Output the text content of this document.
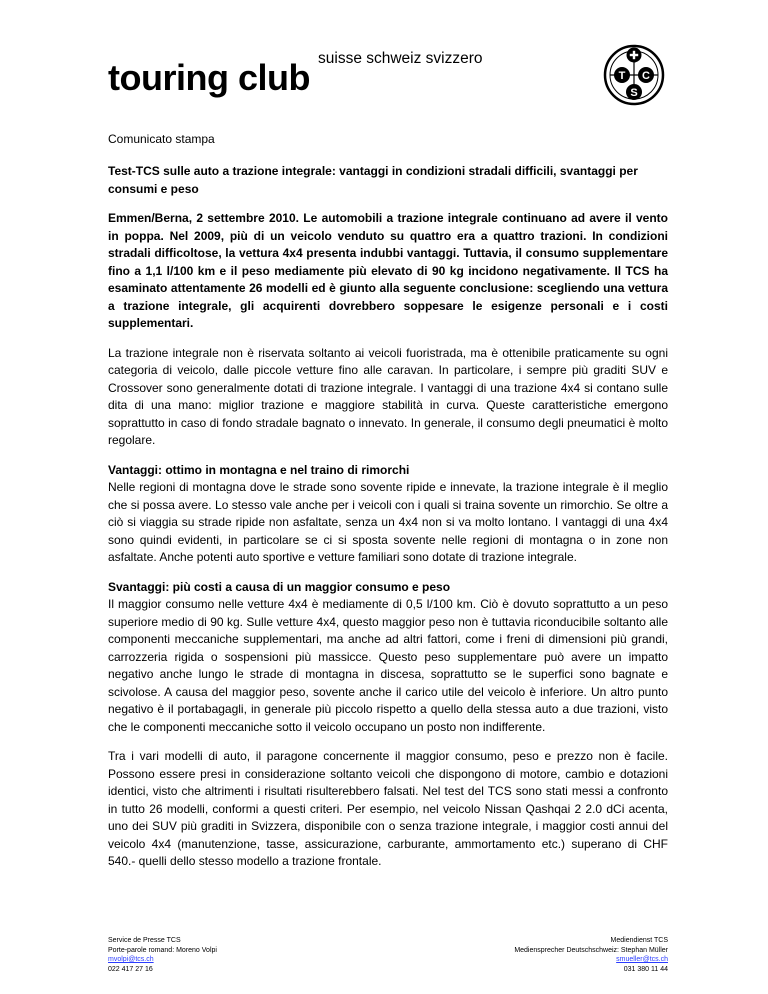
touring club suisse schweiz svizzero
T C
S
Comunicato stampa
Test-TCS sulle auto a trazione integrale: vantaggi in condizioni stradali difficili, svantaggi per consumi e peso

Emmen/Berna, 2 settembre 2010. Le automobili a trazione integrale continuano ad avere il vento in poppa. Nel 2009, più di un veicolo venduto su quattro era a quattro trazioni. In condizioni stradali difficoltose, la vettura 4x4 presenta indubbi vantaggi. Tuttavia, il consumo supplementare fino a 1,1 l/100 km e il peso mediamente più elevato di 90 kg incidono negativamente. Il TCS ha esaminato attentamente 26 modelli ed è giunto alla seguente conclusione: scegliendo una vettura a trazione integrale, gli acquirenti dovrebbero soppesare le esigenze personali e i costi supplementari.

La trazione integrale non è riservata soltanto ai veicoli fuoristrada, ma è ottenibile praticamente su ogni categoria di veicolo, dalle piccole vetture fino alle caravan. In particolare, i sempre più graditi SUV e Crossover sono generalmente dotati di trazione integrale. I vantaggi di una trazione 4x4 si contano sulle dita di una mano: miglior trazione e maggiore stabilità in curva. Queste caratteristiche emergono soprattutto in caso di fondo stradale bagnato o innevato. In generale, il consumo degli pneumatici è molto regolare.

Vantaggi: ottimo in montagna e nel traino di rimorchi
Nelle regioni di montagna dove le strade sono sovente ripide e innevate, la trazione integrale è il meglio che si possa avere. Lo stesso vale anche per i veicoli con i quali si traina sovente un rimorchio. Se oltre a ciò si viaggia su strade ripide non asfaltate, senza un 4x4 non si va molto lontano. I vantaggi di una 4x4 sono quindi evidenti, in particolare se ci si sposta sovente nelle regioni di montagna o in zone non asfaltate. Anche potenti auto sportive e vetture familiari sono dotate di trazione integrale.

Svantaggi: più costi a causa di un maggior consumo e peso
Il maggior consumo nelle vetture 4x4 è mediamente di 0,5 l/100 km. Ciò è dovuto soprattutto a un peso superiore medio di 90 kg. Sulle vetture 4x4, questo maggior peso non è tuttavia riconducibile soltanto alle componenti meccaniche supplementari, ma anche ad altri fattori, come i freni di dimensioni più grandi, carrozzeria rigida o sospensioni più massicce. Questo peso supplementare può avere un impatto negativo anche lungo le strade di montagna in discesa, soprattutto se le superfici sono bagnate e scivolose. A causa del maggior peso, sovente anche il carico utile del veicolo è inferiore. Un altro punto negativo è il portabagagli, in generale più piccolo rispetto a quello della stessa auto a due trazioni, visto che le componenti meccaniche sotto il veicolo occupano un posto non indifferente.

Tra i vari modelli di auto, il paragone concernente il maggior consumo, peso e prezzo non è facile. Possono essere presi in considerazione soltanto veicoli che dispongono di motore, cambio e dotazioni identici, visto che altrimenti i risultati risulterebbero falsati. Nel test del TCS sono stati messi a confronto in tutto 26 modelli, conformi a questi criteri. Per esempio, nel veicolo Nissan Qashqai 2 2.0 dCi acenta, uno dei SUV più graditi in Svizzera, disponibile con o senza trazione integrale, i maggior costi annui del veicolo 4x4 (manutenzione, tasse, assicurazione, carburante, ammortamento etc.) superano di CHF 540.- quelli dello stesso modello a trazione frontale.

Service de Presse TCS
Porte-parole romand: Moreno Volpi
mvolpi@tcs.ch
022 417 27 16
Mediendienst TCS
Mediensprecher Deutschschweiz: Stephan Müller
smueller@tcs.ch
031 380 11 44
